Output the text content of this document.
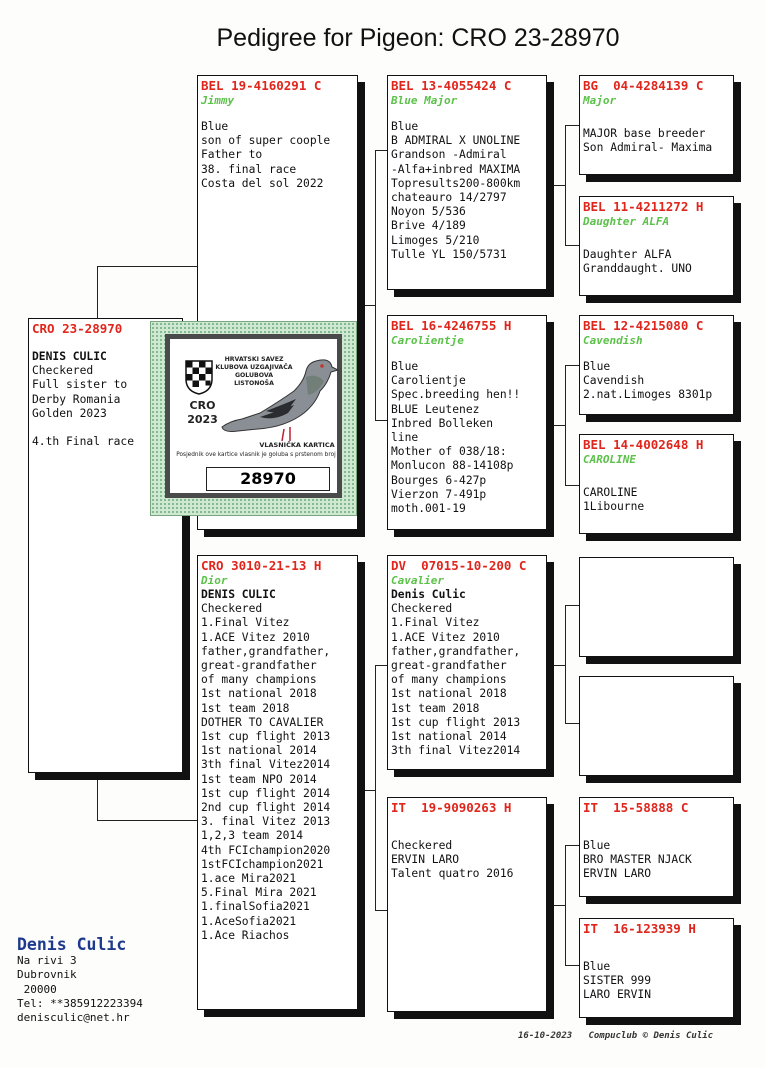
Pedigree for Pigeon: CRO 23-28970
CRO 23-28970
DENIS CULIC
Checkered
Full sister to
Derby Romania
Golden 2023
4.th Final race
BEL 19-4160291 C
Jimmy
Blue
son of super coople
Father to
38. final race
Costa del sol 2022
HRVATSKI SAVEZ
KLUBOVA UZGAJIVAČA
GOLUBOVA LISTONOŠA
CRO
2023
VLASNIČKA KARTICA
Posjednik ove kartice vlasnik je goluba s prstenom broj
28970
CRO 3010-21-13 H
Dior
DENIS CULIC
Checkered
1.Final Vitez
1.ACE Vitez 2010
father,grandfather,
great-grandfather
of many champions
1st national 2018
1st team 2018
DOTHER TO CAVALIER
1st cup flight 2013
1st national 2014
3th final Vitez2014
1st team NPO 2014
1st cup flight 2014
2nd cup flight 2014
3. final Vitez 2013
1,2,3 team 2014
4th FCIchampion2020
1stFCIchampion2021
1.ace Mira2021
5.Final Mira 2021
1.finalSofia2021
1.AceSofia2021
1.Ace Riachos
BEL 13-4055424 C
Blue Major
Blue
B ADMIRAL X UNOLINE
Grandson -Admiral
-Alfa+inbred MAXIMA
Topresults200-800km
chateauro 14/2797
Noyon 5/536
Brive 4/189
Limoges 5/210
Tulle YL 150/5731
BEL 16-4246755 H
Carolientje
Blue
Carolientje
Spec.breeding hen!!
BLUE Leutenez
Inbred Bolleken
line
Mother of 038/18:
Monlucon 88-14108p
Bourges 6-427p
Vierzon 7-491p
moth.001-19
DV  07015-10-200 C
Cavalier
Denis Culic
Checkered
1.Final Vitez
1.ACE Vitez 2010
father,grandfather,
great-grandfather
of many champions
1st national 2018
1st team 2018
1st cup flight 2013
1st national 2014
3th final Vitez2014
IT  19-9090263 H
Checkered
ERVIN LARO
Talent quatro 2016
BG  04-4284139 C
Major
MAJOR base breeder
Son Admiral- Maxima
BEL 11-4211272 H
Daughter ALFA
Daughter ALFA
Granddaught. UNO
BEL 12-4215080 C
Cavendish
Blue
Cavendish
2.nat.Limoges 8301p
BEL 14-4002648 H
CAROLINE
CAROLINE
1Libourne
IT  15-58888 C
Blue
BRO MASTER NJACK
ERVIN LARO
IT  16-123939 H
Blue
SISTER 999
LARO ERVIN
Denis Culic
Na rivi 3
Dubrovnik
20000
Tel: **385912223394
denisculic@net.hr
16-10-2023 Compuclub © Denis Culic
